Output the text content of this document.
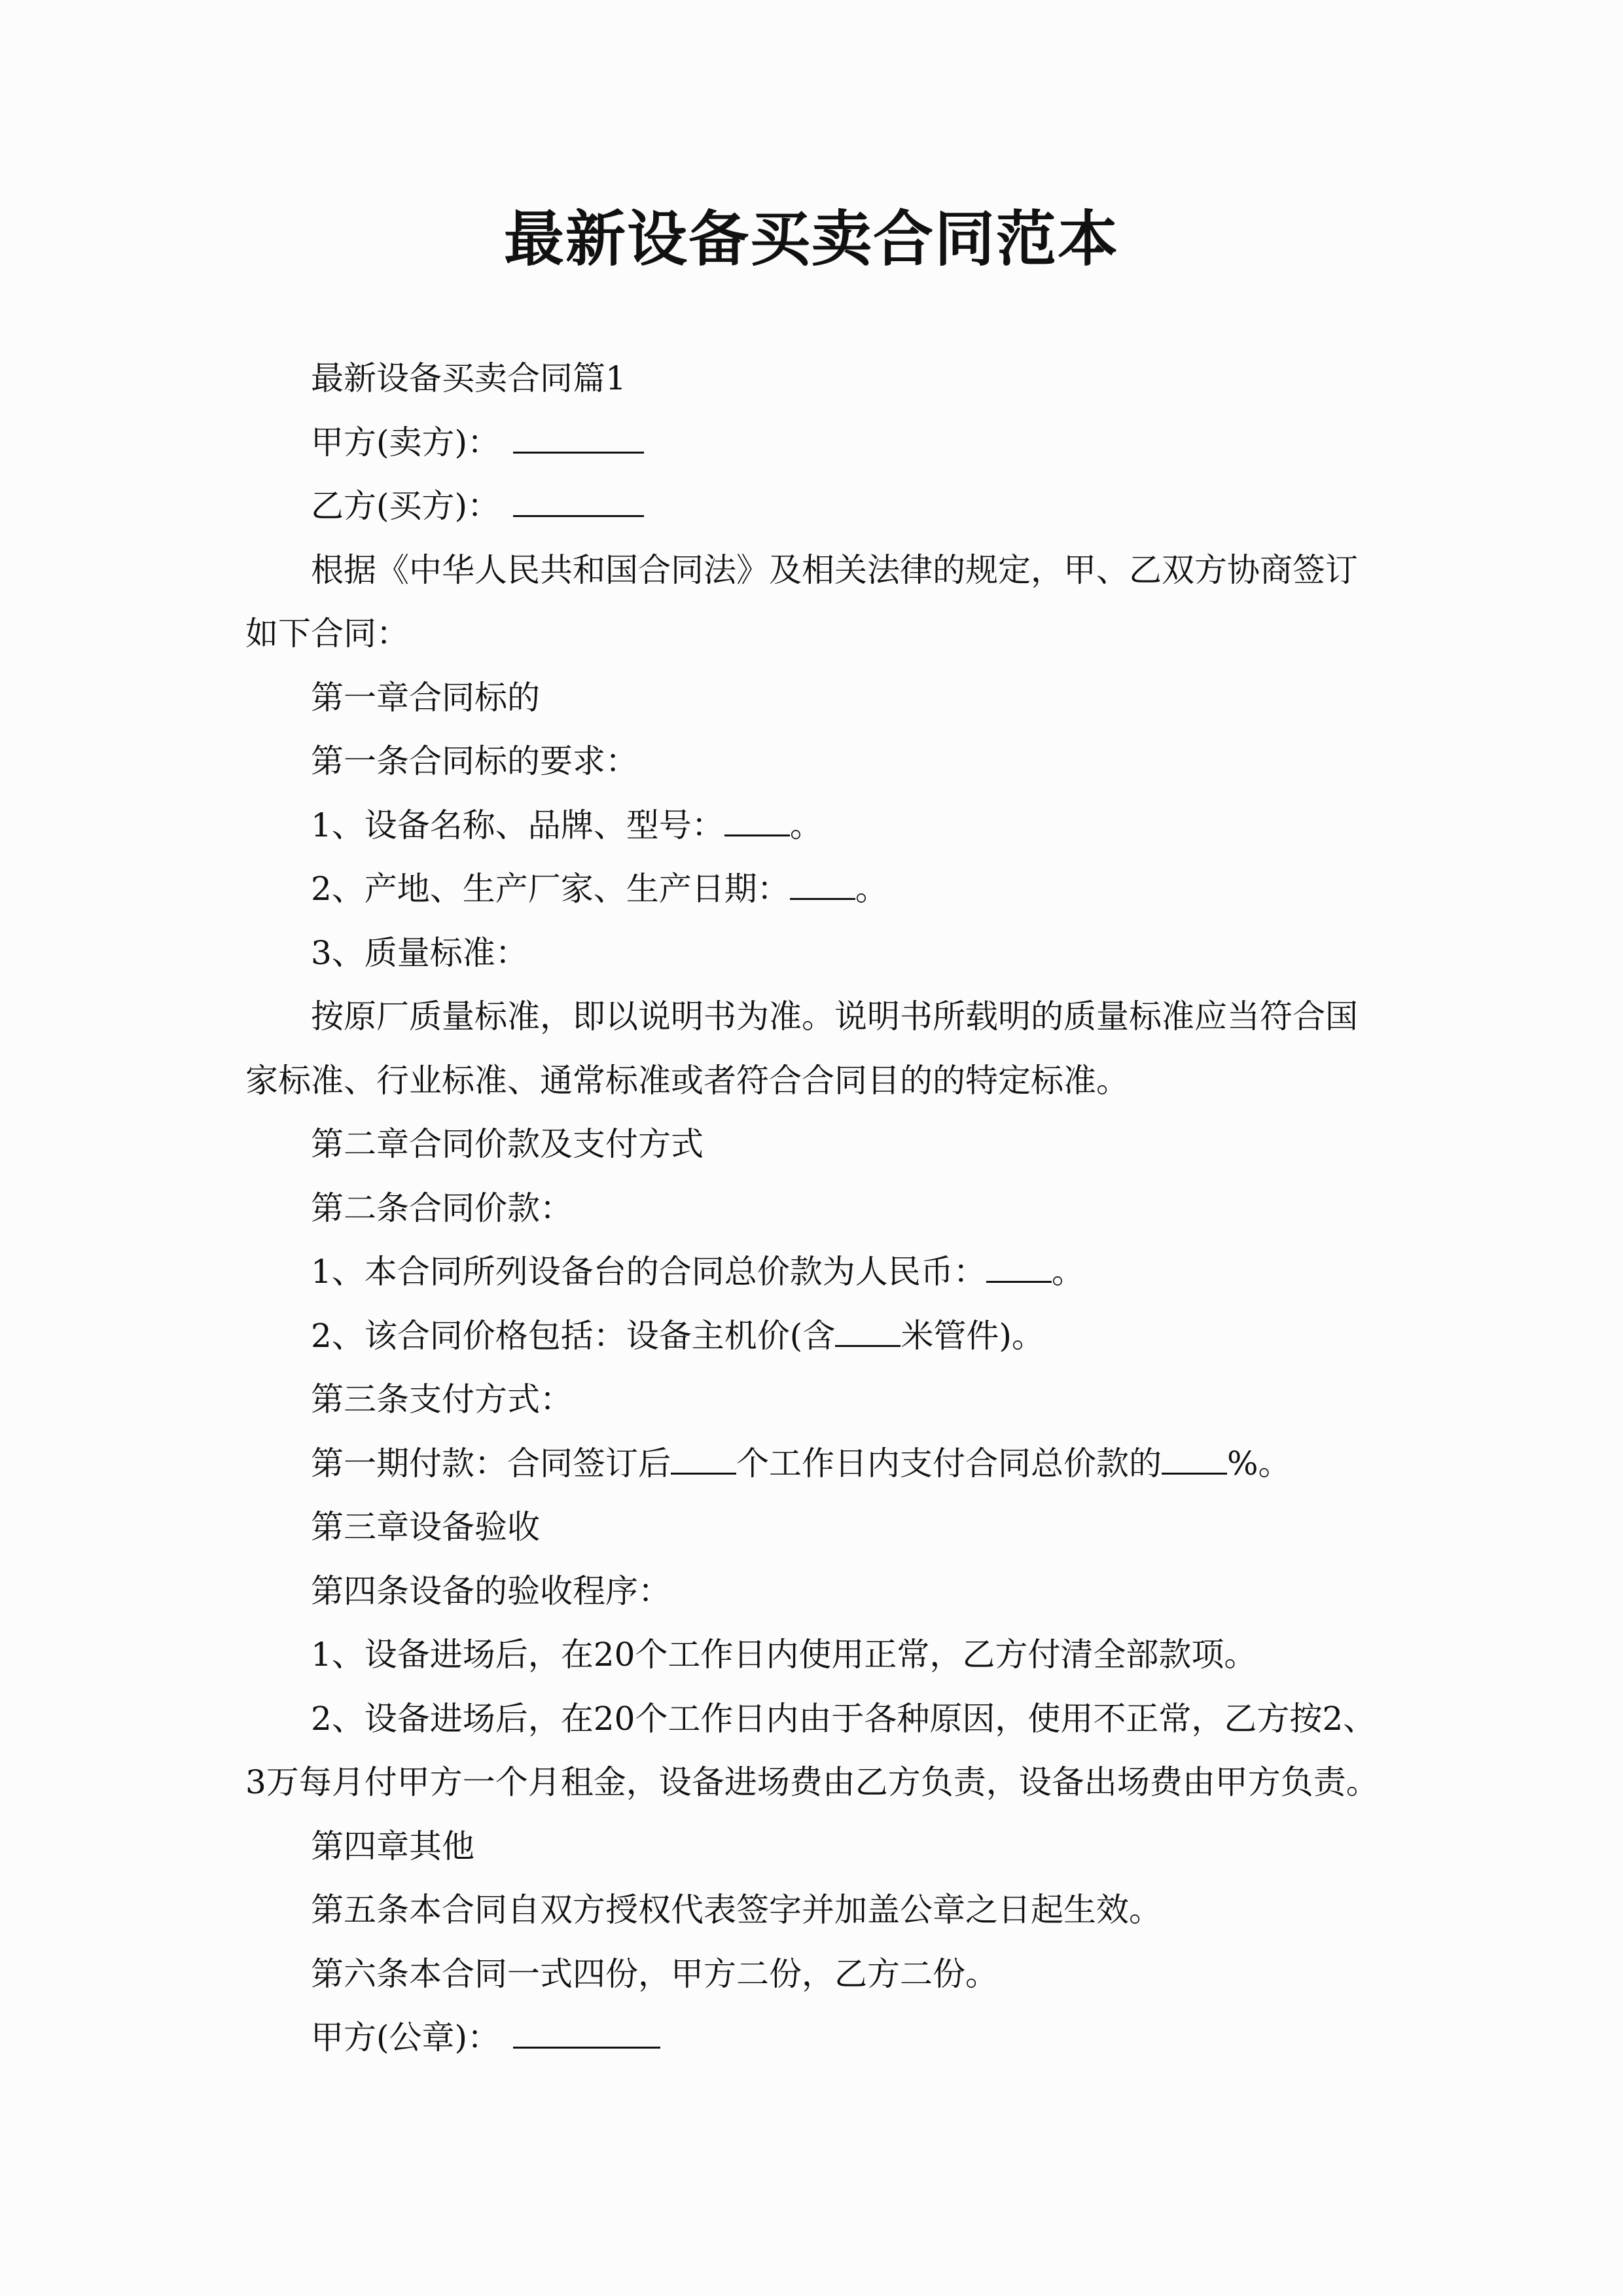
最新设备买卖合同范本

最新设备买卖合同篇1

甲方(卖方)：

乙方(买方)：

根据《中华人民共和国合同法》及相关法律的规定，甲、乙双方协商签订如下合同：

第一章合同标的

第一条合同标的要求：

1、设备名称、品牌、型号： 。

2、产地、生产厂家、生产日期： 。

3、质量标准：

按原厂质量标准，即以说明书为准。说明书所载明的质量标准应当符合国家标准、行业标准、通常标准或者符合合同目的的特定标准。

第二章合同价款及支付方式

第二条合同价款：

1、本合同所列设备台的合同总价款为人民币： 。

2、该合同价格包括：设备主机价(含 米管件)。

第三条支付方式：

第一期付款：合同签订后 个工作日内支付合同总价款的 %。

第三章设备验收

第四条设备的验收程序：

1、设备进场后，在20个工作日内使用正常，乙方付清全部款项。

2、设备进场后，在20个工作日内由于各种原因，使用不正常，乙方按2、3万每月付甲方一个月租金，设备进场费由乙方负责，设备出场费由甲方负责。

第四章其他

第五条本合同自双方授权代表签字并加盖公章之日起生效。

第六条本合同一式四份，甲方二份，乙方二份。

甲方(公章)：
